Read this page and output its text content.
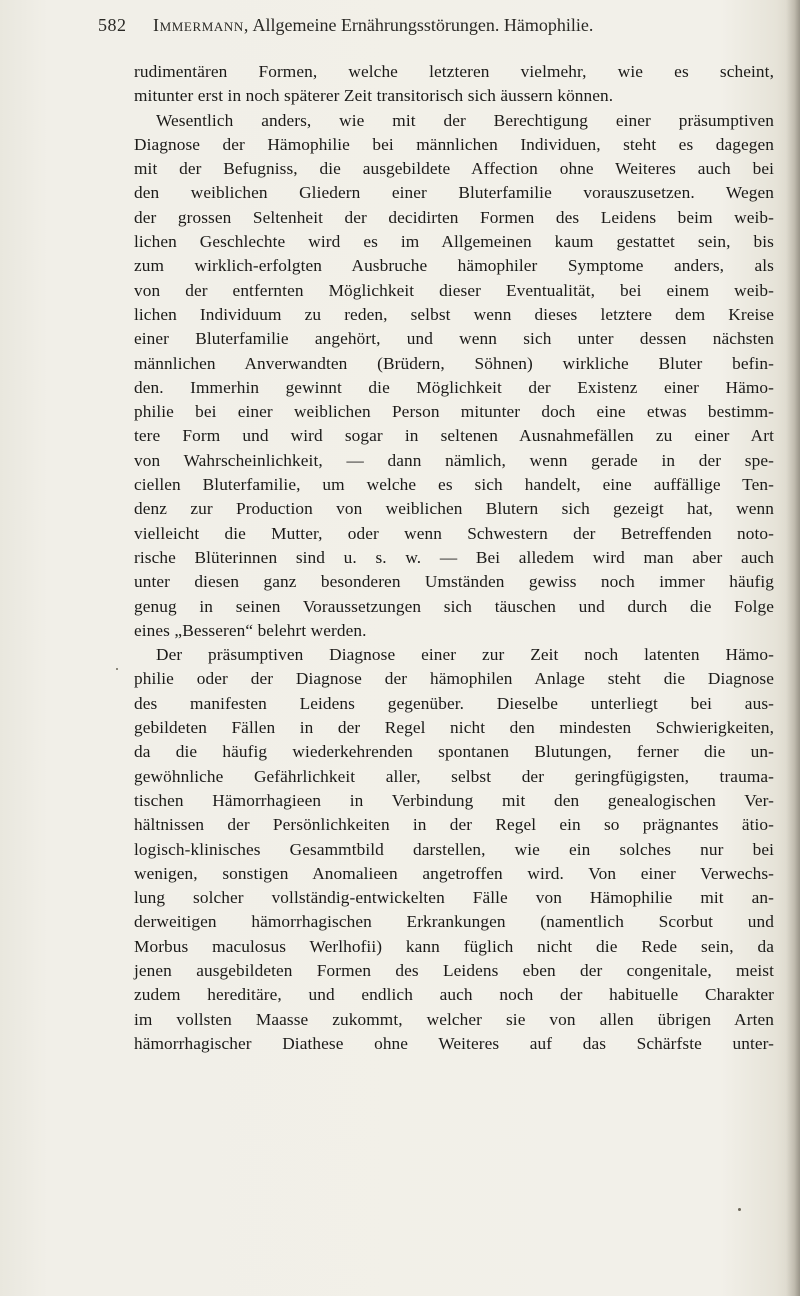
582 Immermann, Allgemeine Ernährungsstörungen. Hämophilie.
rudimentären Formen, welche letzteren vielmehr, wie es scheint,
mitunter erst in noch späterer Zeit transitorisch sich äussern können.
Wesentlich anders, wie mit der Berechtigung einer präsumptiven
Diagnose der Hämophilie bei männlichen Individuen, steht es dagegen
mit der Befugniss, die ausgebildete Affection ohne Weiteres auch bei
den weiblichen Gliedern einer Bluterfamilie vorauszusetzen. Wegen
der grossen Seltenheit der decidirten Formen des Leidens beim weib-
lichen Geschlechte wird es im Allgemeinen kaum gestattet sein, bis
zum wirklich-erfolgten Ausbruche hämophiler Symptome anders, als
von der entfernten Möglichkeit dieser Eventualität, bei einem weib-
lichen Individuum zu reden, selbst wenn dieses letztere dem Kreise
einer Bluterfamilie angehört, und wenn sich unter dessen nächsten
männlichen Anverwandten (Brüdern, Söhnen) wirkliche Bluter befin-
den. Immerhin gewinnt die Möglichkeit der Existenz einer Hämo-
philie bei einer weiblichen Person mitunter doch eine etwas bestimm-
tere Form und wird sogar in seltenen Ausnahmefällen zu einer Art
von Wahrscheinlichkeit, — dann nämlich, wenn gerade in der spe-
ciellen Bluterfamilie, um welche es sich handelt, eine auffällige Ten-
denz zur Production von weiblichen Blutern sich gezeigt hat, wenn
vielleicht die Mutter, oder wenn Schwestern der Betreffenden noto-
rische Blüterinnen sind u. s. w. — Bei alledem wird man aber auch
unter diesen ganz besonderen Umständen gewiss noch immer häufig
genug in seinen Voraussetzungen sich täuschen und durch die Folge
eines „Besseren“ belehrt werden.
Der präsumptiven Diagnose einer zur Zeit noch latenten Hämo-
philie oder der Diagnose der hämophilen Anlage steht die Diagnose
des manifesten Leidens gegenüber. Dieselbe unterliegt bei aus-
gebildeten Fällen in der Regel nicht den mindesten Schwierigkeiten,
da die häufig wiederkehrenden spontanen Blutungen, ferner die un-
gewöhnliche Gefährlichkeit aller, selbst der geringfügigsten, trauma-
tischen Hämorrhagieen in Verbindung mit den genealogischen Ver-
hältnissen der Persönlichkeiten in der Regel ein so prägnantes ätio-
logisch-klinisches Gesammtbild darstellen, wie ein solches nur bei
wenigen, sonstigen Anomalieen angetroffen wird. Von einer Verwechs-
lung solcher vollständig-entwickelten Fälle von Hämophilie mit an-
derweitigen hämorrhagischen Erkrankungen (namentlich Scorbut und
Morbus maculosus Werlhofii) kann füglich nicht die Rede sein, da
jenen ausgebildeten Formen des Leidens eben der congenitale, meist
zudem hereditäre, und endlich auch noch der habituelle Charakter
im vollsten Maasse zukommt, welcher sie von allen übrigen Arten
hämorrhagischer Diathese ohne Weiteres auf das Schärfste unter-
